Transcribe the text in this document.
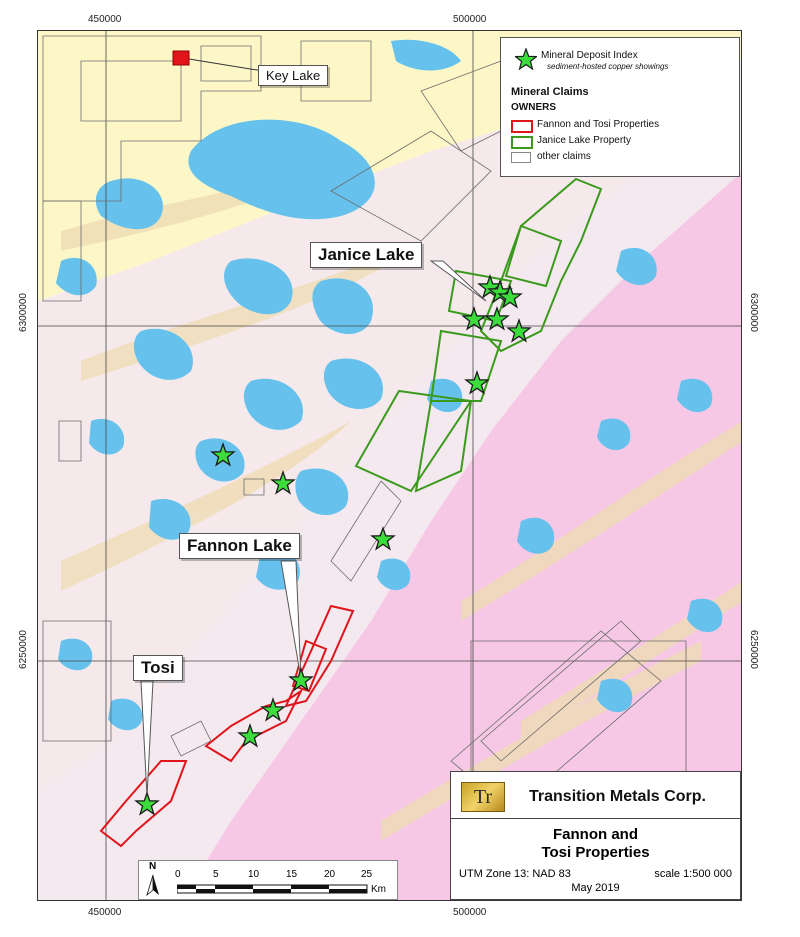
450000	500000
450000	500000
6300000
6250000
6300000
6250000
Key Lake
Janice Lake
Fannon Lake
Tosi
Mineral Deposit Index
sediment-hosted copper showings
Mineral Claims
OWNERS
Fannon and Tosi Properties
Janice Lake Property
other claims
Tr	Transition Metals Corp.
Fannon and
Tosi Properties
UTM Zone 13: NAD 83	scale 1:500 000
May 2019
N
0	5	10	15	20	25
Km
